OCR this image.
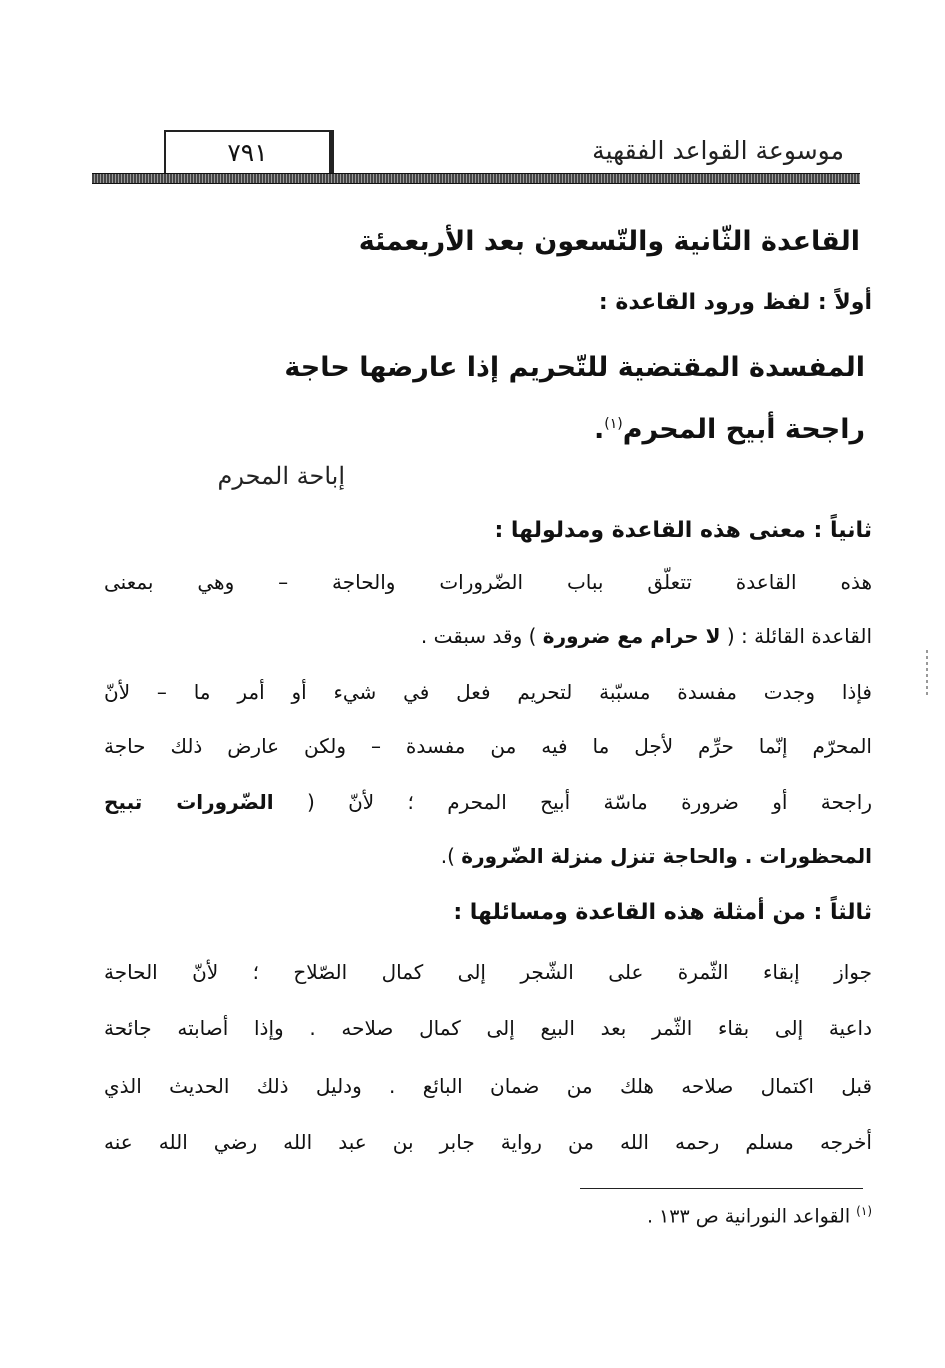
٧٩١	موسوعة القواعد الفقهية
القاعدة الثّانية والتّسعون بعد الأربعمئة
أولاً : لفظ ورود القاعدة :
المفسدة المقتضية للتّحريم إذا عارضها حاجة
راجحة أبيح المحرم$^{(١)}$.
إباحة المحرم
ثانياً : معنى هذه القاعدة ومدلولها :
هذه القاعدة تتعلّق بباب الضّرورات والحاجة – وهي بمعنى
القاعدة القائلة : ( لا حرام مع ضرورة ) وقد سبقت .
فإذا وجدت مفسدة مسبّبة لتحريم فعل في شيء أو أمر ما – لأنّ
المحرّم إنّما حرِّم لأجل ما فيه من مفسدة – ولكن عارض ذلك حاجة
راجحة أو ضرورة ماسّة أبيح المحرم ؛ لأنّ ( الضّرورات تبيح
المحظورات . والحاجة تنزل منزلة الضّرورة ).
ثالثاً : من أمثلة هذه القاعدة ومسائلها :
جواز إبقاء الثّمرة على الشّجر إلى كمال الصّلاح ؛ لأنّ الحاجة
داعية إلى بقاء الثّمر بعد البيع إلى كمال صلاحه . وإذا أصابته جائحة
قبل اكتمال صلاحه هلك من ضمان البائع . ودليل ذلك الحديث الذي
أخرجه مسلم رحمه الله من رواية جابر بن عبد الله رضي الله عنه
$^{(١)}$ القواعد النورانية ص ١٣٣ .
